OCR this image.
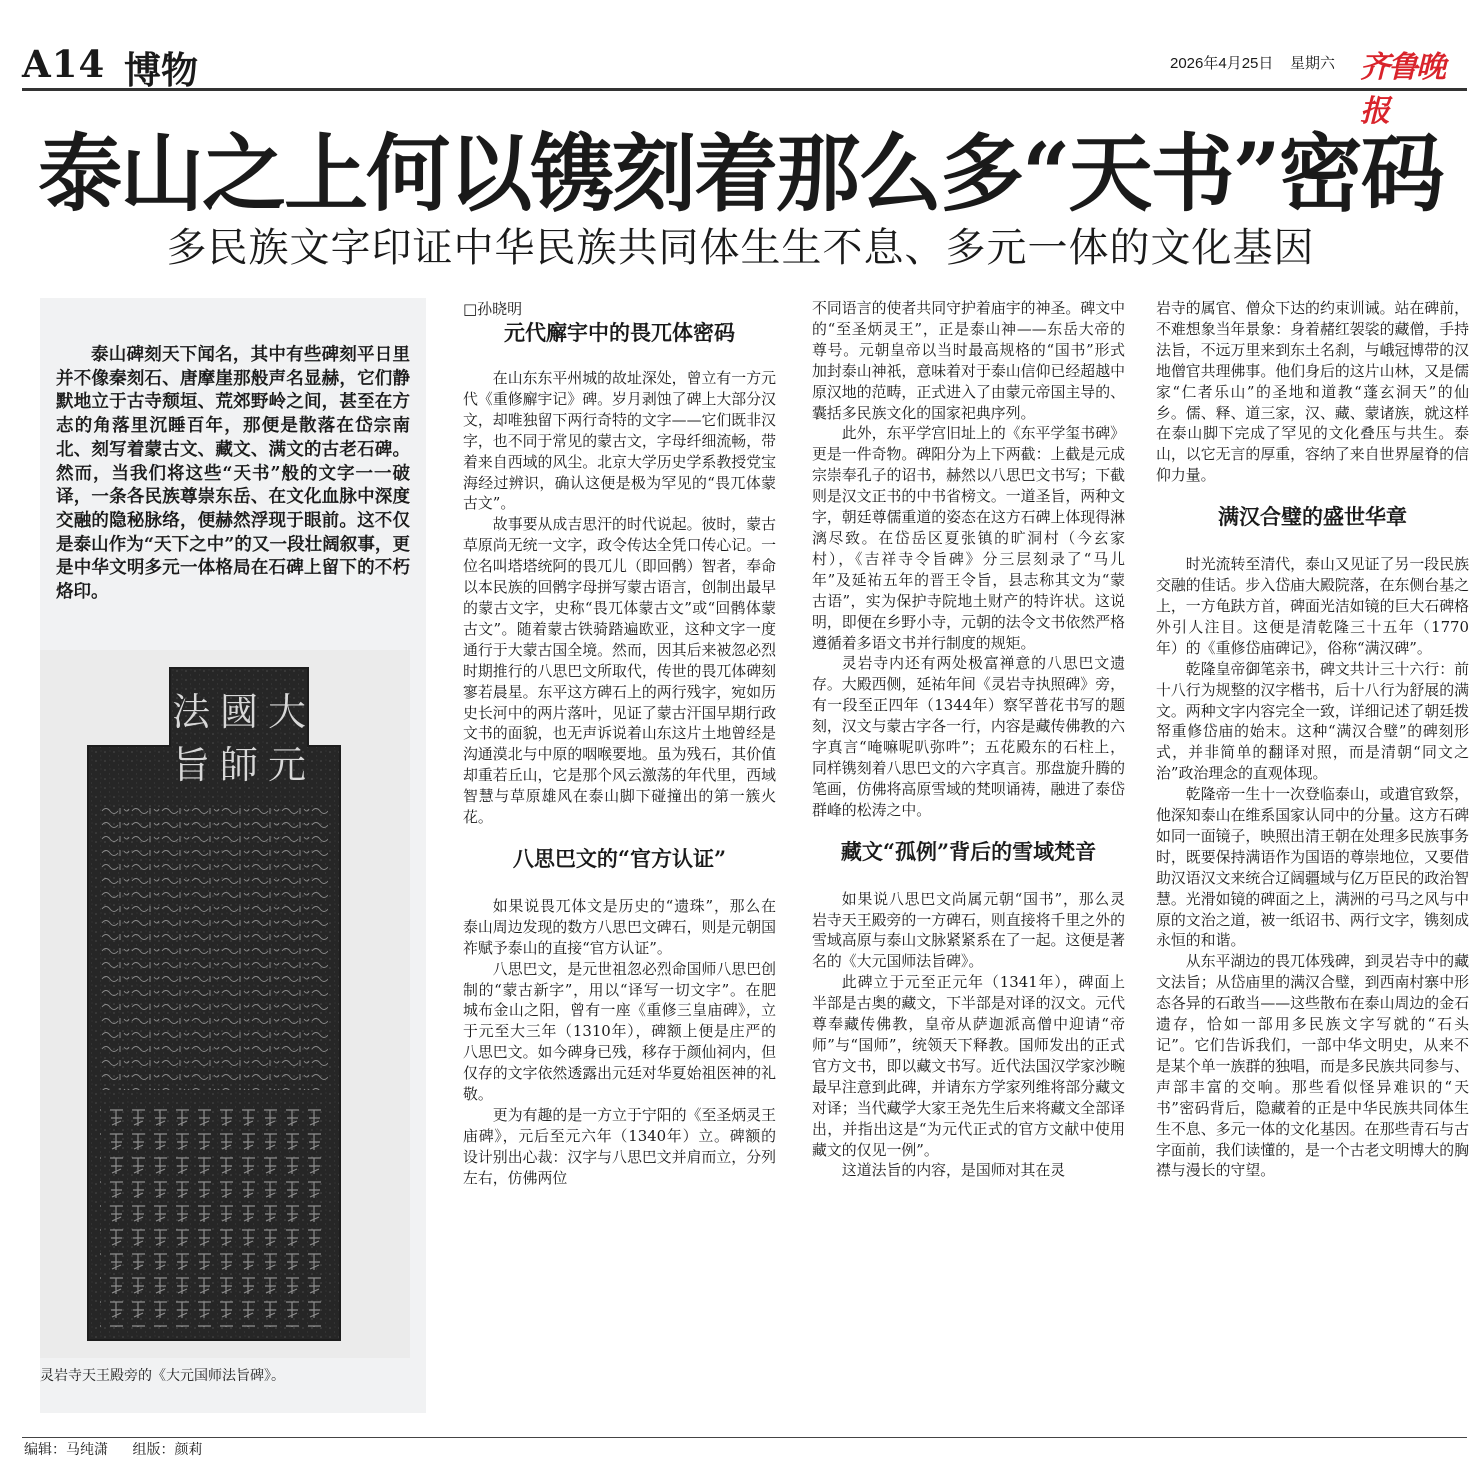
A14 博物	2026年4月25日 星期六 齐鲁晚报
泰山之上何以镌刻着那么多“天书”密码
多民族文字印证中华民族共同体生生不息、多元一体的文化基因

泰山碑刻天下闻名，其中有些碑刻平日里并不像秦刻石、唐摩崖那般声名显赫，它们静默地立于古寺颓垣、荒郊野岭之间，甚至在方志的角落里沉睡百年，那便是散落在岱宗南北、刻写着蒙古文、藏文、满文的古老石碑。然而，当我们将这些“天书”般的文字一一破译，一条各民族尊崇东岳、在文化血脉中深度交融的隐秘脉络，便赫然浮现于眼前。这不仅是泰山作为“天下之中”的又一段壮阔叙事，更是中华文明多元一体格局在石碑上留下的不朽烙印。

大
國
元
師
旨
法
灵岩寺天王殿旁的《大元国师法旨碑》。

□孙晓明

元代廨宇中的畏兀体密码

在山东东平州城的故址深处，曾立有一方元代《重修廨宇记》碑。岁月剥蚀了碑上大部分汉文，却唯独留下两行奇特的文字——它们既非汉字，也不同于常见的蒙古文，字母纤细流畅，带着来自西域的风尘。北京大学历史学系教授党宝海经过辨识，确认这便是极为罕见的“畏兀体蒙古文”。

故事要从成吉思汗的时代说起。彼时，蒙古草原尚无统一文字，政令传达全凭口传心记。一位名叫塔塔统阿的畏兀儿（即回鹘）智者，奉命以本民族的回鹘字母拼写蒙古语言，创制出最早的蒙古文字，史称“畏兀体蒙古文”或“回鹘体蒙古文”。随着蒙古铁骑踏遍欧亚，这种文字一度通行于大蒙古国全境。然而，因其后来被忽必烈时期推行的八思巴文所取代，传世的畏兀体碑刻寥若晨星。东平这方碑石上的两行残字，宛如历史长河中的两片落叶，见证了蒙古汗国早期行政文书的面貌，也无声诉说着山东这片土地曾经是沟通漠北与中原的咽喉要地。虽为残石，其价值却重若丘山，它是那个风云激荡的年代里，西域智慧与草原雄风在泰山脚下碰撞出的第一簇火花。

八思巴文的“官方认证”

如果说畏兀体文是历史的“遗珠”，那么在泰山周边发现的数方八思巴文碑石，则是元朝国祚赋予泰山的直接“官方认证”。

八思巴文，是元世祖忽必烈命国师八思巴创制的“蒙古新字”，用以“译写一切文字”。在肥城布金山之阳，曾有一座《重修三皇庙碑》，立于元至大三年（1310年），碑额上便是庄严的八思巴文。如今碑身已残，移存于颜仙祠内，但仅存的文字依然透露出元廷对华夏始祖医神的礼敬。

更为有趣的是一方立于宁阳的《至圣炳灵王庙碑》，元后至元六年（1340年）立。碑额的设计别出心裁：汉字与八思巴文并肩而立，分列左右，仿佛两位

不同语言的使者共同守护着庙宇的神圣。碑文中的“至圣炳灵王”，正是泰山神——东岳大帝的尊号。元朝皇帝以当时最高规格的“国书”形式加封泰山神祇，意味着对于泰山信仰已经超越中原汉地的范畴，正式进入了由蒙元帝国主导的、囊括多民族文化的国家祀典序列。

此外，东平学宫旧址上的《东平学玺书碑》更是一件奇物。碑阳分为上下两截：上截是元成宗崇奉孔子的诏书，赫然以八思巴文书写；下截则是汉文正书的中书省榜文。一道圣旨，两种文字，朝廷尊儒重道的姿态在这方石碑上体现得淋漓尽致。在岱岳区夏张镇的旷洞村（今玄家村），《吉祥寺令旨碑》分三层刻录了“马儿年”及延祐五年的晋王令旨，县志称其文为“蒙古语”，实为保护寺院地土财产的特许状。这说明，即便在乡野小寺，元朝的法令文书依然严格遵循着多语文书并行制度的规矩。

灵岩寺内还有两处极富禅意的八思巴文遗存。大殿西侧，延祐年间《灵岩寺执照碑》旁，有一段至正四年（1344年）察罕普花书写的题刻，汉文与蒙古字各一行，内容是藏传佛教的六字真言“唵嘛呢叭弥吽”；五花殿东的石柱上，同样镌刻着八思巴文的六字真言。那盘旋升腾的笔画，仿佛将高原雪域的梵呗诵祷，融进了泰岱群峰的松涛之中。

藏文“孤例”背后的雪域梵音

如果说八思巴文尚属元朝“国书”，那么灵岩寺天王殿旁的一方碑石，则直接将千里之外的雪域高原与泰山文脉紧紧系在了一起。这便是著名的《大元国师法旨碑》。

此碑立于元至正元年（1341年），碑面上半部是古奥的藏文，下半部是对译的汉文。元代尊奉藏传佛教，皇帝从萨迦派高僧中迎请“帝师”与“国师”，统领天下释教。国师发出的正式官方文书，即以藏文书写。近代法国汉学家沙畹最早注意到此碑，并请东方学家列维将部分藏文对译；当代藏学大家王尧先生后来将藏文全部译出，并指出这是“为元代正式的官方文献中使用藏文的仅见一例”。

这道法旨的内容，是国师对其在灵

岩寺的属官、僧众下达的约束训诫。站在碑前，不难想象当年景象：身着赭红袈裟的藏僧，手持法旨，不远万里来到东土名刹，与峨冠博带的汉地僧官共理佛事。他们身后的这片山林，又是儒家“仁者乐山”的圣地和道教“蓬玄洞天”的仙乡。儒、释、道三家，汉、藏、蒙诸族，就这样在泰山脚下完成了罕见的文化叠压与共生。泰山，以它无言的厚重，容纳了来自世界屋脊的信仰力量。

满汉合璧的盛世华章

时光流转至清代，泰山又见证了另一段民族交融的佳话。步入岱庙大殿院落，在东侧台基之上，一方龟趺方首，碑面光洁如镜的巨大石碑格外引人注目。这便是清乾隆三十五年（1770年）的《重修岱庙碑记》，俗称“满汉碑”。

乾隆皇帝御笔亲书，碑文共计三十六行：前十八行为规整的汉字楷书，后十八行为舒展的满文。两种文字内容完全一致，详细记述了朝廷拨帑重修岱庙的始末。这种“满汉合璧”的碑刻形式，并非简单的翻译对照，而是清朝“同文之治”政治理念的直观体现。

乾隆帝一生十一次登临泰山，或遣官致祭，他深知泰山在维系国家认同中的分量。这方石碑如同一面镜子，映照出清王朝在处理多民族事务时，既要保持满语作为国语的尊崇地位，又要借助汉语汉文来统合辽阔疆域与亿万臣民的政治智慧。光滑如镜的碑面之上，满洲的弓马之风与中原的文治之道，被一纸诏书、两行文字，镌刻成永恒的和谐。

从东平湖边的畏兀体残碑，到灵岩寺中的藏文法旨；从岱庙里的满汉合璧，到西南村寨中形态各异的石敢当——这些散布在泰山周边的金石遗存，恰如一部用多民族文字写就的“石头记”。它们告诉我们，一部中华文明史，从来不是某个单一族群的独唱，而是多民族共同参与、声部丰富的交响。那些看似怪异难识的“天书”密码背后，隐藏着的正是中华民族共同体生生不息、多元一体的文化基因。在那些青石与古字面前，我们读懂的，是一个古老文明博大的胸襟与漫长的守望。

编辑：马纯潇 组版：颜莉
